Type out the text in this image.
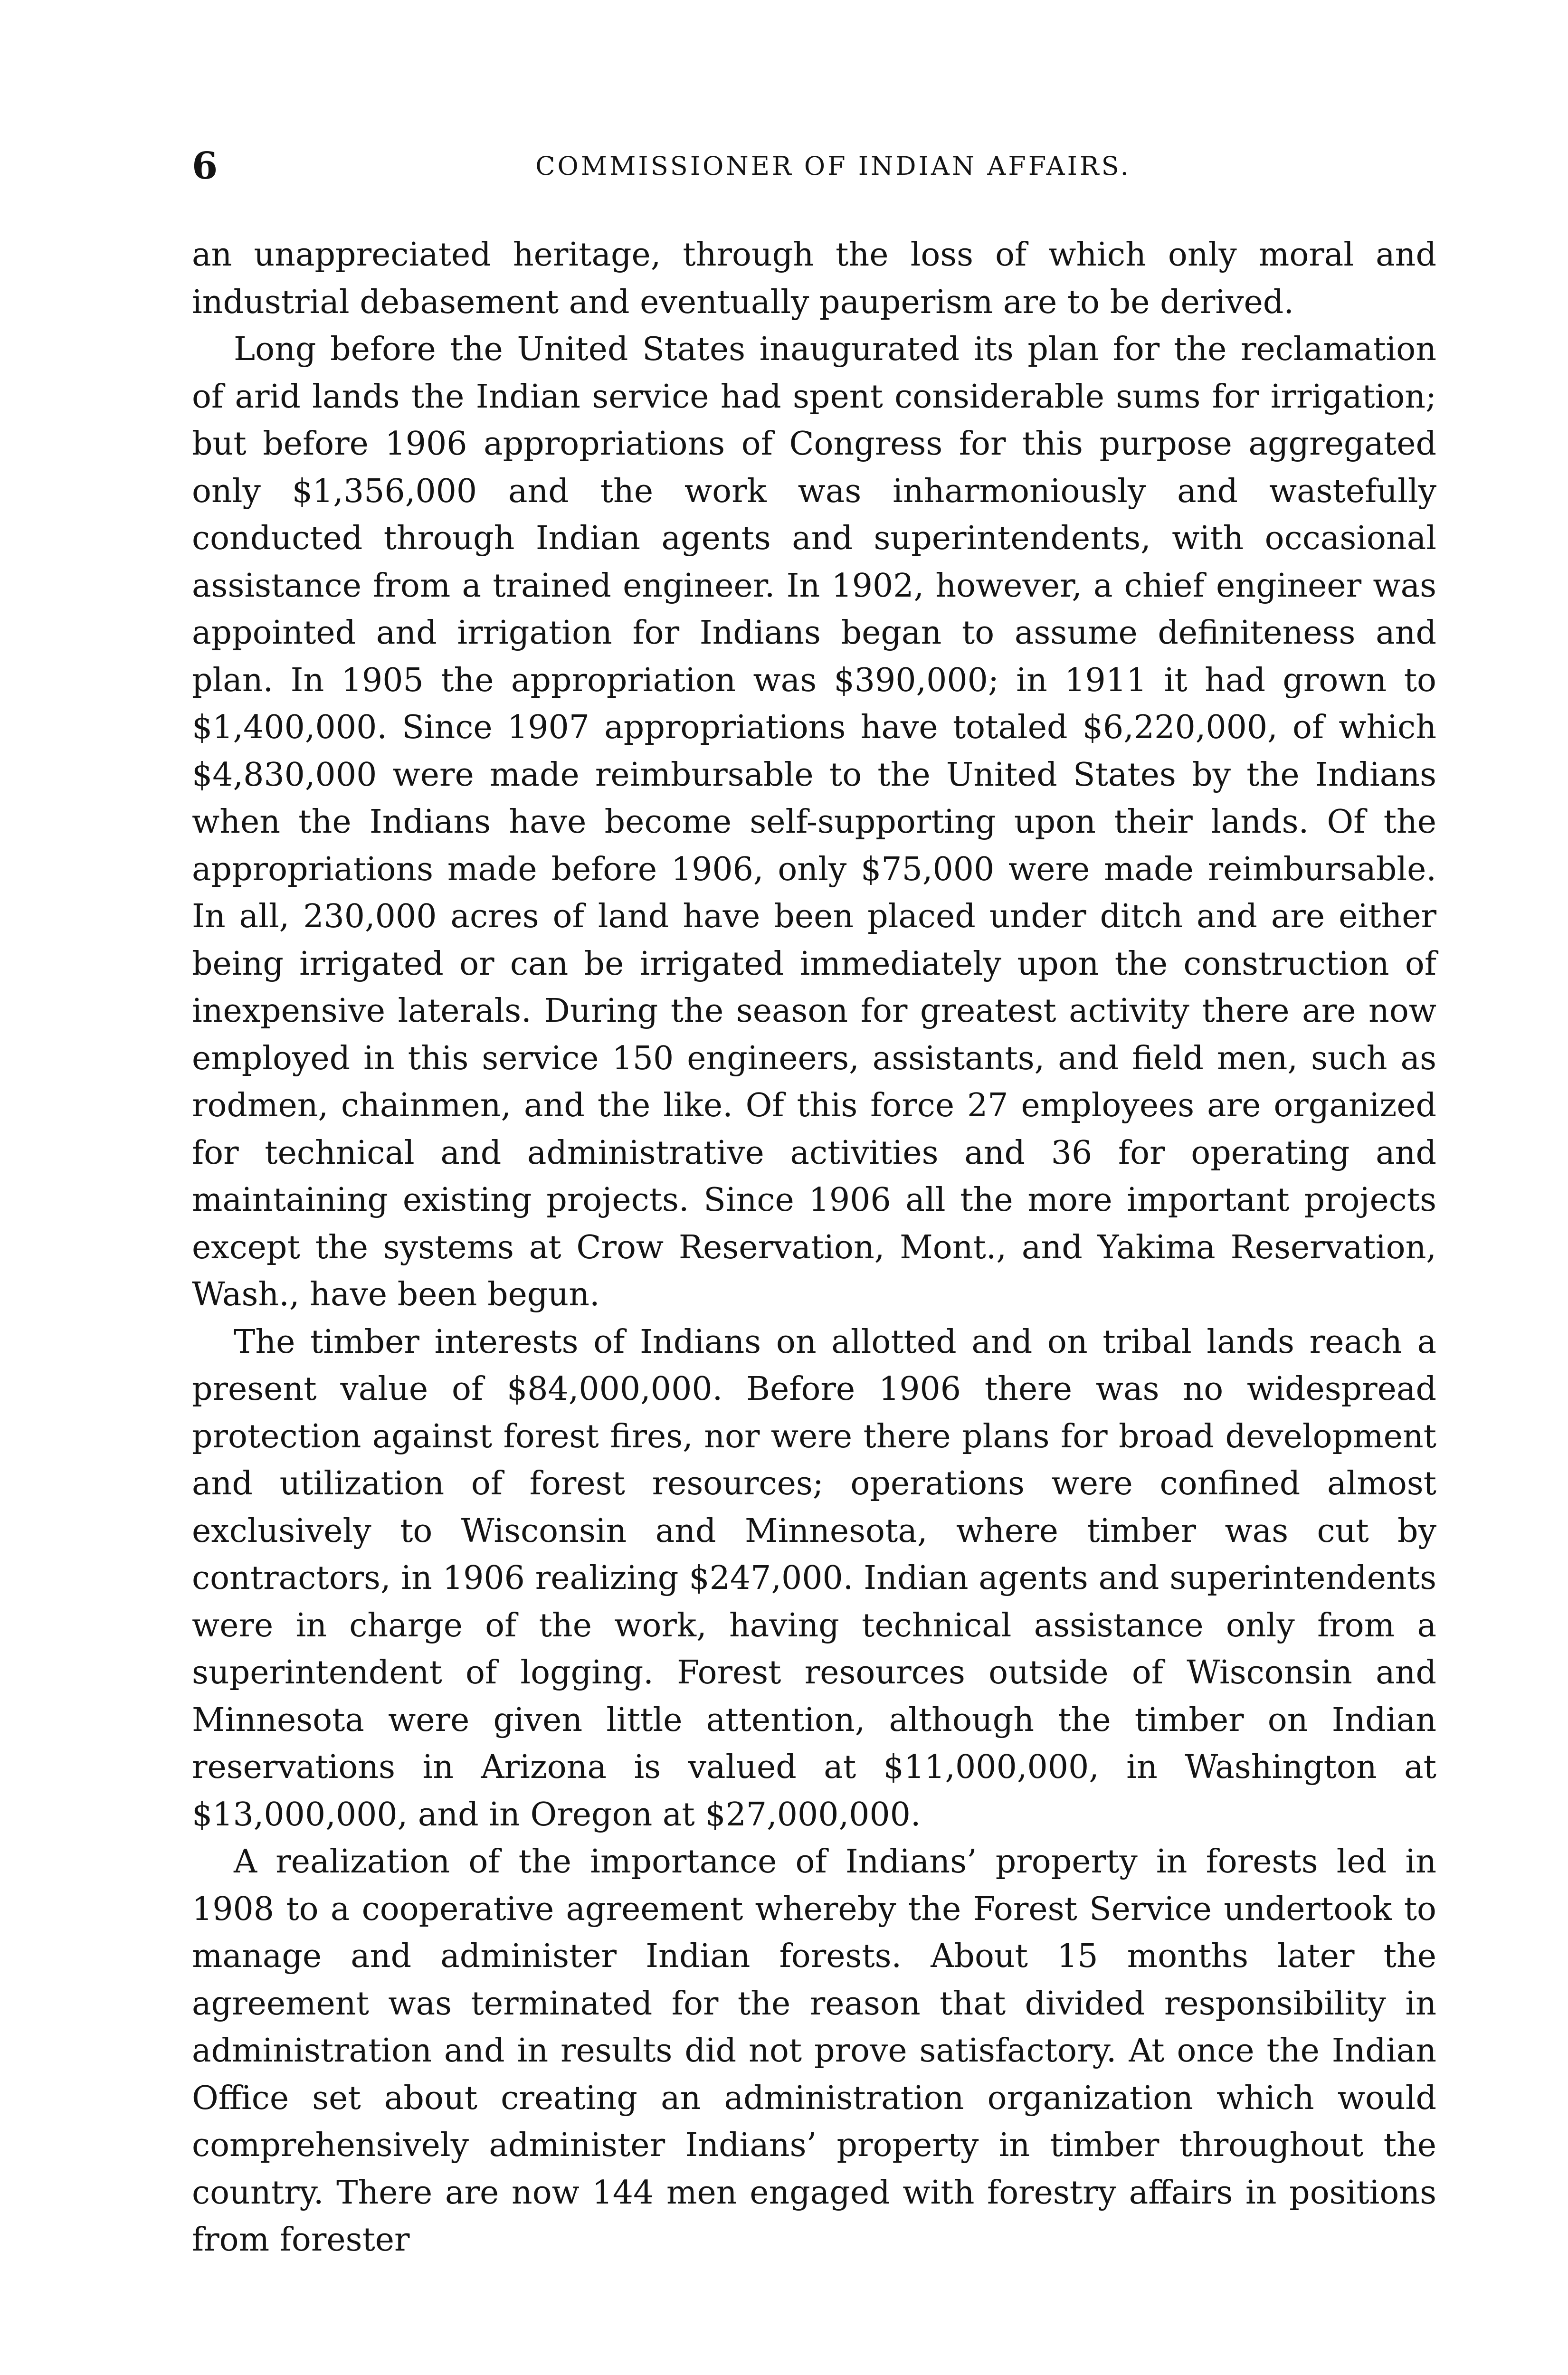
6	COMMISSIONER OF INDIAN AFFAIRS.

an unappreciated heritage, through the loss of which only moral and industrial debasement and eventually pauperism are to be derived.

Long before the United States inaugurated its plan for the reclamation of arid lands the Indian service had spent considerable sums for irrigation; but before 1906 appropriations of Congress for this purpose aggregated only $1,356,000 and the work was inharmoniously and wastefully conducted through Indian agents and superintendents, with occasional assistance from a trained engineer. In 1902, however, a chief engineer was appointed and irrigation for Indians began to assume definiteness and plan. In 1905 the appropriation was $390,000; in 1911 it had grown to $1,400,000. Since 1907 appropriations have totaled $6,220,000, of which $4,830,000 were made reimbursable to the United States by the Indians when the Indians have become self-supporting upon their lands. Of the appropriations made before 1906, only $75,000 were made reimbursable. In all, 230,000 acres of land have been placed under ditch and are either being irrigated or can be irrigated immediately upon the construction of inexpensive laterals. During the season for greatest activity there are now employed in this service 150 engineers, assistants, and field men, such as rodmen, chainmen, and the like. Of this force 27 employees are organized for technical and administrative activities and 36 for operating and maintaining existing projects. Since 1906 all the more important projects except the systems at Crow Reservation, Mont., and Yakima Reservation, Wash., have been begun.

The timber interests of Indians on allotted and on tribal lands reach a present value of $84,000,000. Before 1906 there was no widespread protection against forest fires, nor were there plans for broad development and utilization of forest resources; operations were confined almost exclusively to Wisconsin and Minnesota, where timber was cut by contractors, in 1906 realizing $247,000. Indian agents and superintendents were in charge of the work, having technical assistance only from a superintendent of logging. Forest resources outside of Wisconsin and Minnesota were given little attention, although the timber on Indian reservations in Arizona is valued at $11,000,000, in Washington at $13,000,000, and in Oregon at $27,000,000.

A realization of the importance of Indians’ property in forests led in 1908 to a cooperative agreement whereby the Forest Service undertook to manage and administer Indian forests. About 15 months later the agreement was terminated for the reason that divided responsibility in administration and in results did not prove satisfactory. At once the Indian Office set about creating an administration organization which would comprehensively administer Indians’ property in timber throughout the country. There are now 144 men engaged with forestry affairs in positions from forester
